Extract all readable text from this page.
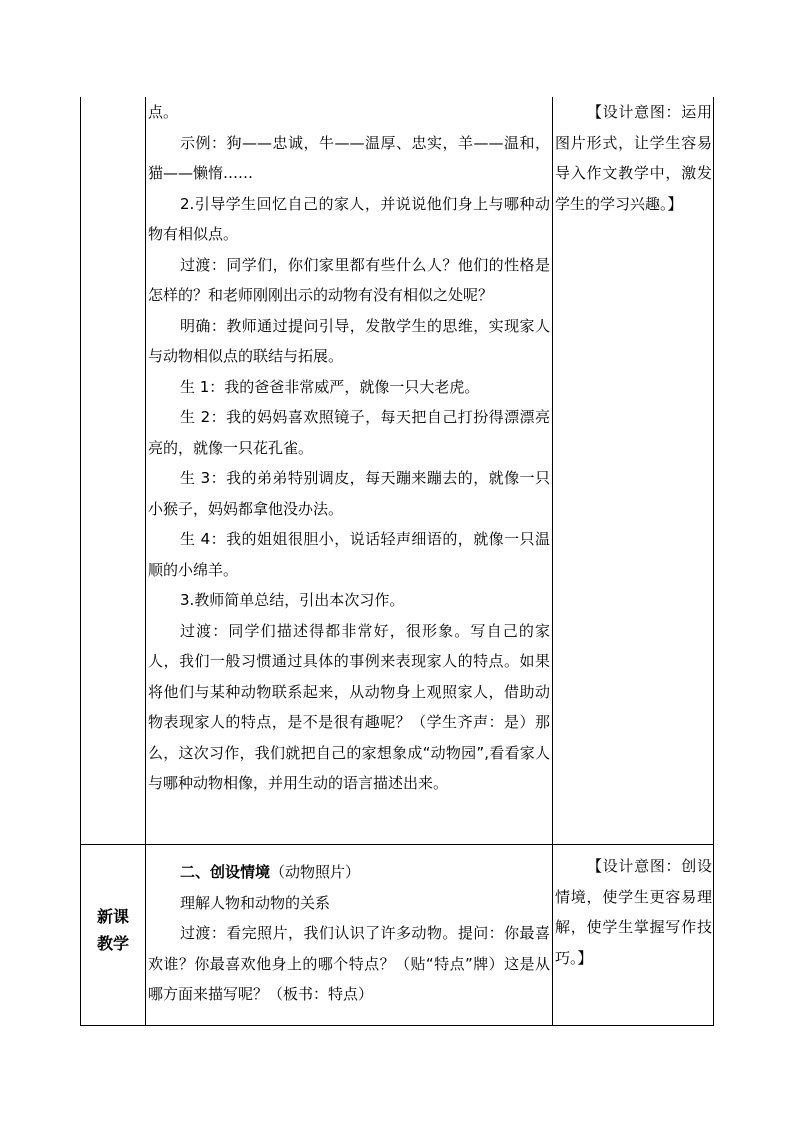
点。

示例：狗——忠诚，牛——温厚、忠实，羊——温和，猫——懒惰……

2.引导学生回忆自己的家人，并说说他们身上与哪种动物有相似点。

过渡：同学们，你们家里都有些什么人？他们的性格是怎样的？和老师刚刚出示的动物有没有相似之处呢？

明确：教师通过提问引导，发散学生的思维，实现家人与动物相似点的联结与拓展。

生 1：我的爸爸非常威严，就像一只大老虎。

生 2：我的妈妈喜欢照镜子，每天把自己打扮得漂漂亮亮的，就像一只花孔雀。

生 3：我的弟弟特别调皮，每天蹦来蹦去的，就像一只小猴子，妈妈都拿他没办法。

生 4：我的姐姐很胆小，说话轻声细语的，就像一只温顺的小绵羊。

3.教师简单总结，引出本次习作。

过渡：同学们描述得都非常好，很形象。写自己的家人，我们一般习惯通过具体的事例来表现家人的特点。如果将他们与某种动物联系起来，从动物身上观照家人，借助动物表现家人的特点，是不是很有趣呢？（学生齐声：是）那么，这次习作，我们就把自己的家想象成“动物园”,看看家人与哪种动物相像，并用生动的语言描述出来。

【设计意图：运用图片形式，让学生容易导入作文教学中，激发学生的学习兴趣。】

新课
教学

二、创设情境（动物照片）

理解人物和动物的关系

过渡：看完照片，我们认识了许多动物。提问：你最喜欢谁？你最喜欢他身上的哪个特点？（贴“特点”牌）这是从哪方面来描写呢？（板书：特点）

【设计意图：创设情境，使学生更容易理解，使学生掌握写作技巧。】
